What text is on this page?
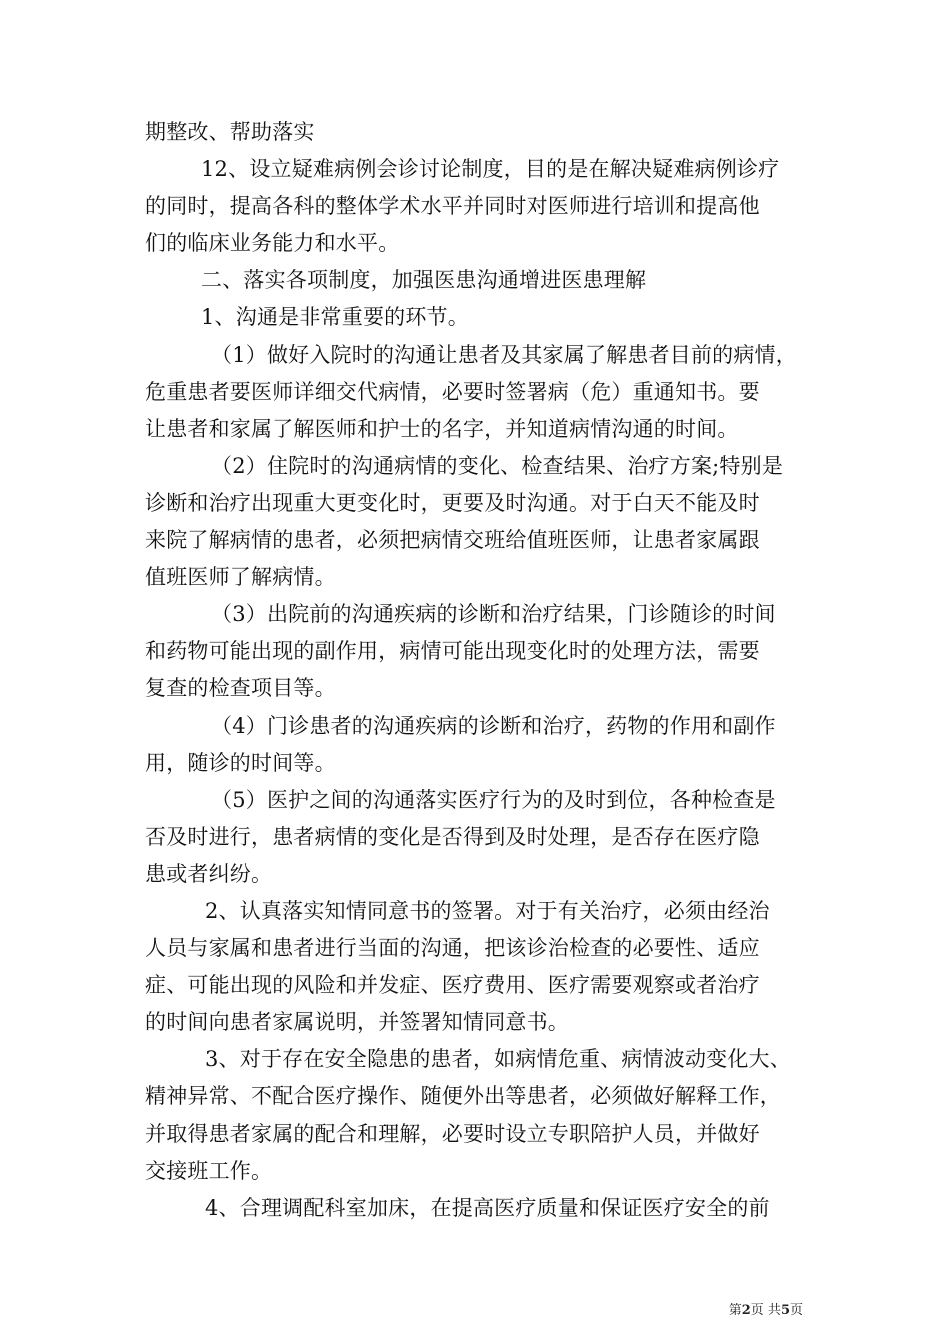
期整改、帮助落实
12、设立疑难病例会诊讨论制度，目的是在解决疑难病例诊疗
的同时，提高各科的整体学术水平并同时对医师进行培训和提高他
们的临床业务能力和水平。
二、落实各项制度，加强医患沟通增进医患理解
1、沟通是非常重要的环节。
（1）做好入院时的沟通让患者及其家属了解患者目前的病情，
危重患者要医师详细交代病情，必要时签署病（危）重通知书。要
让患者和家属了解医师和护士的名字，并知道病情沟通的时间。
（2）住院时的沟通病情的变化、检查结果、治疗方案;特别是
诊断和治疗出现重大更变化时，更要及时沟通。对于白天不能及时
来院了解病情的患者，必须把病情交班给值班医师，让患者家属跟
值班医师了解病情。
（3）出院前的沟通疾病的诊断和治疗结果，门诊随诊的时间
和药物可能出现的副作用，病情可能出现变化时的处理方法，需要
复查的检查项目等。
（4）门诊患者的沟通疾病的诊断和治疗，药物的作用和副作
用，随诊的时间等。
（5）医护之间的沟通落实医疗行为的及时到位，各种检查是
否及时进行，患者病情的变化是否得到及时处理，是否存在医疗隐
患或者纠纷。
2、认真落实知情同意书的签署。对于有关治疗，必须由经治
人员与家属和患者进行当面的沟通，把该诊治检查的必要性、适应
症、可能出现的风险和并发症、医疗费用、医疗需要观察或者治疗
的时间向患者家属说明，并签署知情同意书。
3、对于存在安全隐患的患者，如病情危重、病情波动变化大、
精神异常、不配合医疗操作、随便外出等患者，必须做好解释工作，
并取得患者家属的配合和理解，必要时设立专职陪护人员，并做好
交接班工作。
4、合理调配科室加床，在提高医疗质量和保证医疗安全的前
第2页 共5页
